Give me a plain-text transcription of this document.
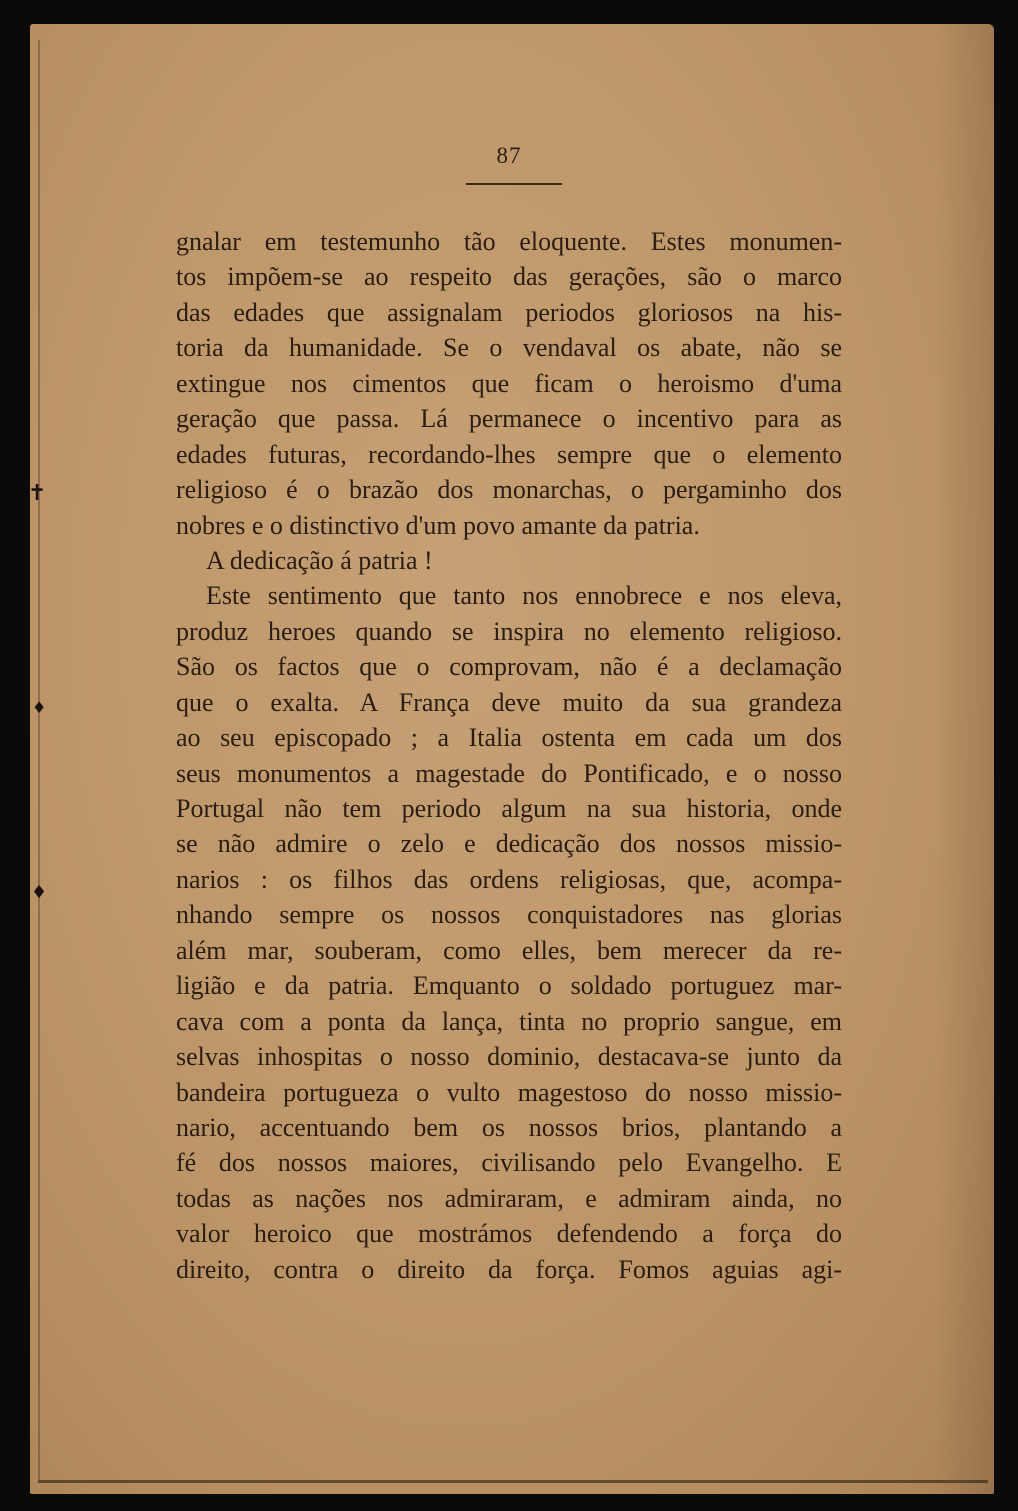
✝
♦
♦
87
gnalar em testemunho tão eloquente. Estes monumen-
tos impõem-se ao respeito das gerações, são o marco
das edades que assignalam periodos gloriosos na his-
toria da humanidade. Se o vendaval os abate, não se
extingue nos cimentos que ficam o heroismo d'uma
geração que passa. Lá permanece o incentivo para as
edades futuras, recordando-lhes sempre que o elemento
religioso é o brazão dos monarchas, o pergaminho dos
nobres e o distinctivo d'um povo amante da patria.
A dedicação á patria !
Este sentimento que tanto nos ennobrece e nos eleva,
produz heroes quando se inspira no elemento religioso.
São os factos que o comprovam, não é a declamação
que o exalta. A França deve muito da sua grandeza
ao seu episcopado ; a Italia ostenta em cada um dos
seus monumentos a magestade do Pontificado, e o nosso
Portugal não tem periodo algum na sua historia, onde
se não admire o zelo e dedicação dos nossos missio-
narios : os filhos das ordens religiosas, que, acompa-
nhando sempre os nossos conquistadores nas glorias
além mar, souberam, como elles, bem merecer da re-
ligião e da patria. Emquanto o soldado portuguez mar-
cava com a ponta da lança, tinta no proprio sangue, em
selvas inhospitas o nosso dominio, destacava-se junto da
bandeira portugueza o vulto magestoso do nosso missio-
nario, accentuando bem os nossos brios, plantando a
fé dos nossos maiores, civilisando pelo Evangelho. E
todas as nações nos admiraram, e admiram ainda, no
valor heroico que mostrámos defendendo a força do
direito, contra o direito da força. Fomos aguias agi-
